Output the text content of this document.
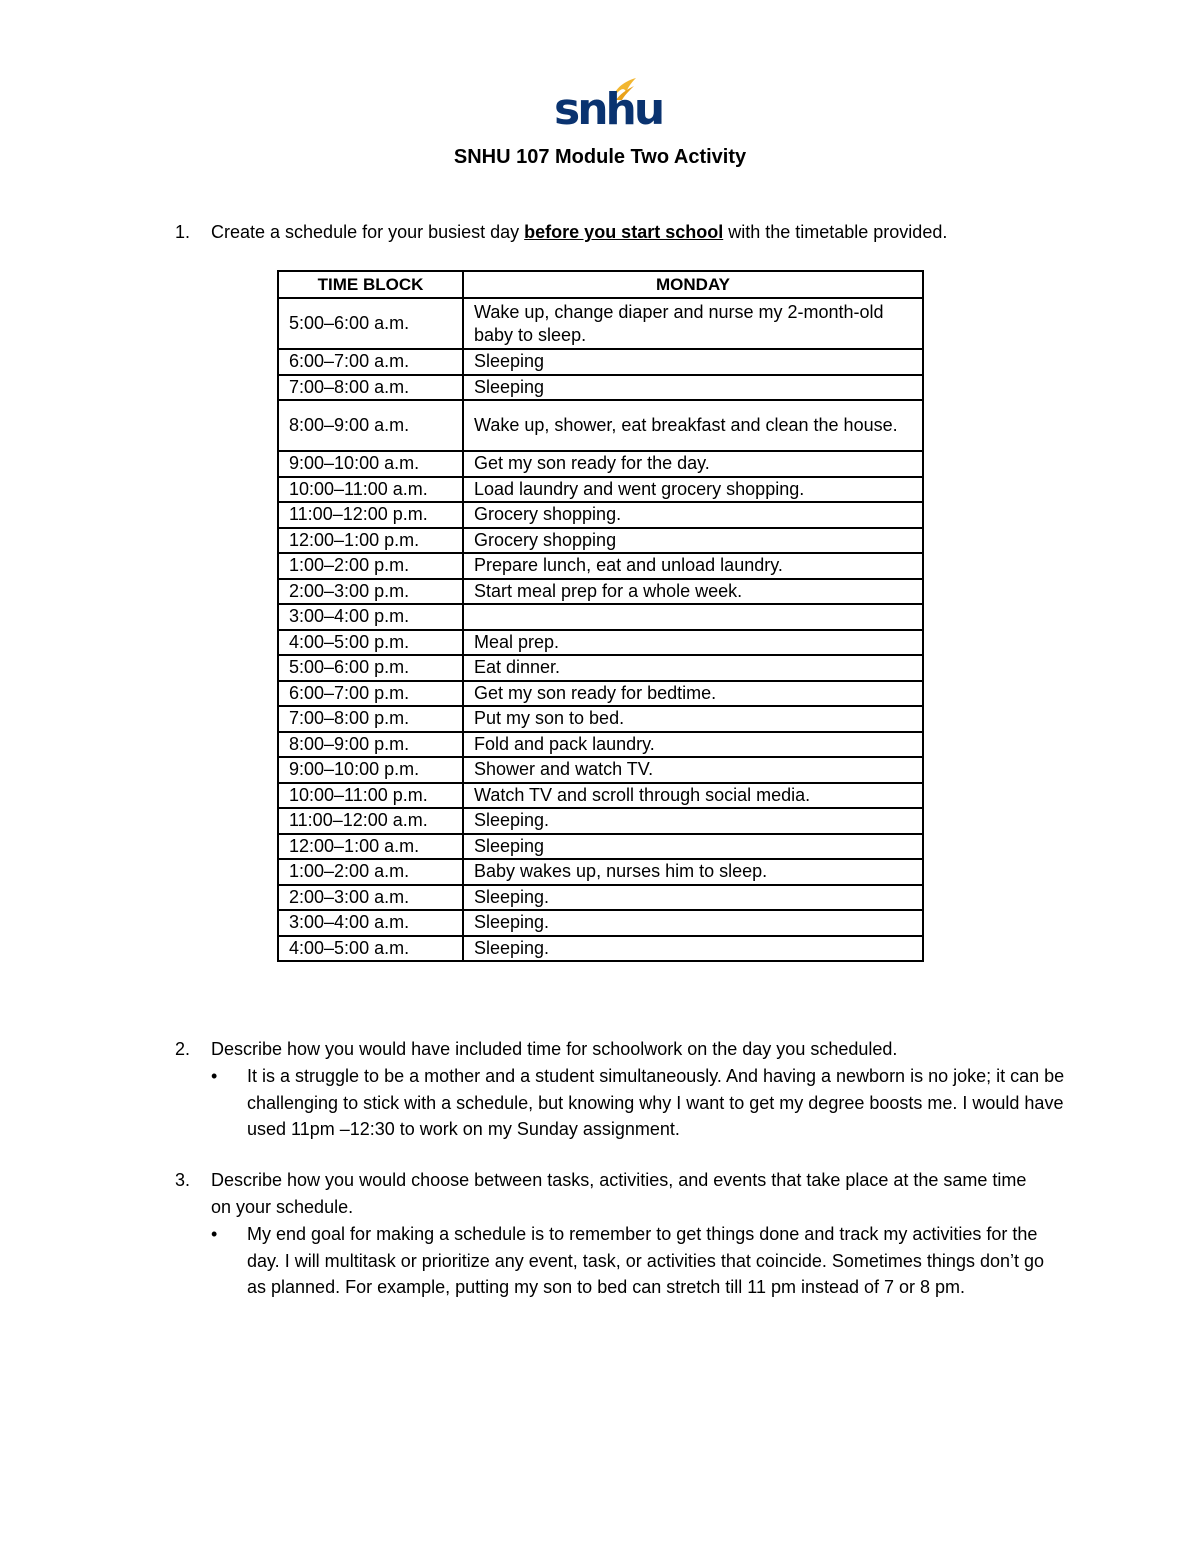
snhu
SNHU 107 Module Two Activity
1.	Create a schedule for your busiest day before you start school with the timetable provided.
TIME BLOCK	MONDAY
5:00–6:00 a.m.	Wake up, change diaper and nurse my 2-month-old baby to sleep.
6:00–7:00 a.m.	Sleeping
7:00–8:00 a.m.	Sleeping
8:00–9:00 a.m.	Wake up, shower, eat breakfast and clean the house.
9:00–10:00 a.m.	Get my son ready for the day.
10:00–11:00 a.m.	Load laundry and went grocery shopping.
11:00–12:00 p.m.	Grocery shopping.
12:00–1:00 p.m.	Grocery shopping
1:00–2:00 p.m.	Prepare lunch, eat and unload laundry.
2:00–3:00 p.m.	Start meal prep for a whole week.
3:00–4:00 p.m.	
4:00–5:00 p.m.	Meal prep.
5:00–6:00 p.m.	Eat dinner.
6:00–7:00 p.m.	Get my son ready for bedtime.
7:00–8:00 p.m.	Put my son to bed.
8:00–9:00 p.m.	Fold and pack laundry.
9:00–10:00 p.m.	Shower and watch TV.
10:00–11:00 p.m.	Watch TV and scroll through social media.
11:00–12:00 a.m.	Sleeping.
12:00–1:00 a.m.	Sleeping
1:00–2:00 a.m.	Baby wakes up, nurses him to sleep.
2:00–3:00 a.m.	Sleeping.
3:00–4:00 a.m.	Sleeping.
4:00–5:00 a.m.	Sleeping.
2.	Describe how you would have included time for schoolwork on the day you scheduled.
•	It is a struggle to be a mother and a student simultaneously. And having a newborn is no joke; it can be challenging to stick with a schedule, but knowing why I want to get my degree boosts me. I would have used 11pm –12:30 to work on my Sunday assignment.
3.	Describe how you would choose between tasks, activities, and events that take place at the same time on your schedule.
•	My end goal for making a schedule is to remember to get things done and track my activities for the day. I will multitask or prioritize any event, task, or activities that coincide. Sometimes things don’t go as planned. For example, putting my son to bed can stretch till 11 pm instead of 7 or 8 pm.
